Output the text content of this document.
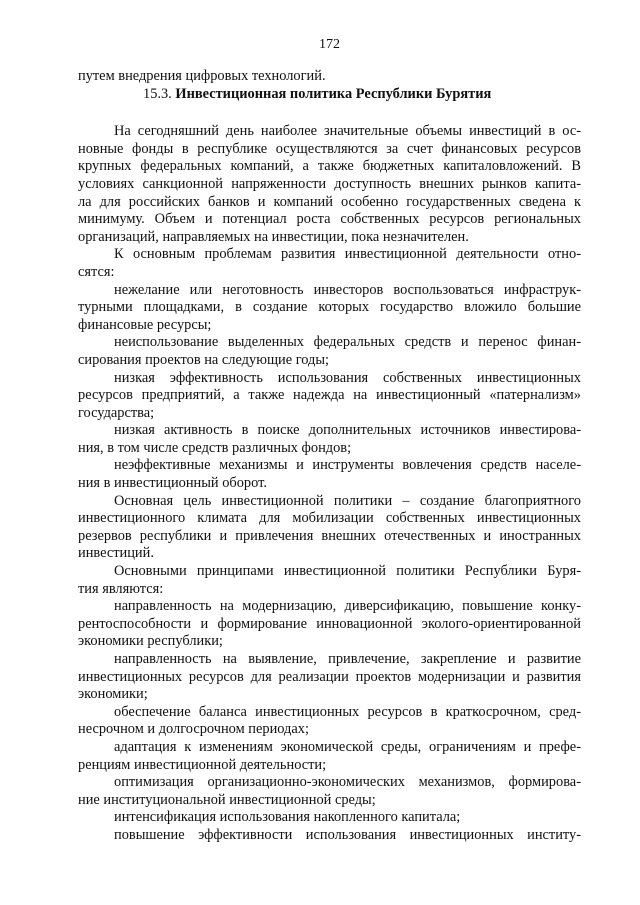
172

путем внедрения цифровых технологий.

15.3. Инвестиционная политика Республики Бурятия

На сегодняшний день наиболее значительные объемы инвестиций в ос-
новные фонды в республике осуществляются за счет финансовых ресурсов
крупных федеральных компаний, а также бюджетных капиталовложений. В
условиях санкционной напряженности доступность внешних рынков капита-
ла для российских банков и компаний особенно государственных сведена к
минимуму. Объем и потенциал роста собственных ресурсов региональных
организаций, направляемых на инвестиции, пока незначителен.

К основным проблемам развития инвестиционной деятельности отно-
сятся:

нежелание или неготовность инвесторов воспользоваться инфраструк-
турными площадками, в создание которых государство вложило большие
финансовые ресурсы;

неиспользование выделенных федеральных средств и перенос финан-
сирования проектов на следующие годы;

низкая эффективность использования собственных инвестиционных
ресурсов предприятий, а также надежда на инвестиционный «патернализм»
государства;

низкая активность в поиске дополнительных источников инвестирова-
ния, в том числе средств различных фондов;

неэффективные механизмы и инструменты вовлечения средств населе-
ния в инвестиционный оборот.

Основная цель инвестиционной политики – создание благоприятного
инвестиционного климата для мобилизации собственных инвестиционных
резервов республики и привлечения внешних отечественных и иностранных
инвестиций.

Основными принципами инвестиционной политики Республики Буря-
тия являются:

направленность на модернизацию, диверсификацию, повышение конку-
рентоспособности и формирование инновационной эколого-ориентированной
экономики республики;

направленность на выявление, привлечение, закрепление и развитие
инвестиционных ресурсов для реализации проектов модернизации и развития
экономики;

обеспечение баланса инвестиционных ресурсов в краткосрочном, сред-
несрочном и долгосрочном периодах;

адаптация к изменениям экономической среды, ограничениям и префе-
ренциям инвестиционной деятельности;

оптимизация организационно-экономических механизмов, формирова-
ние институциональной инвестиционной среды;

интенсификация использования накопленного капитала;

повышение эффективности использования инвестиционных институ-
